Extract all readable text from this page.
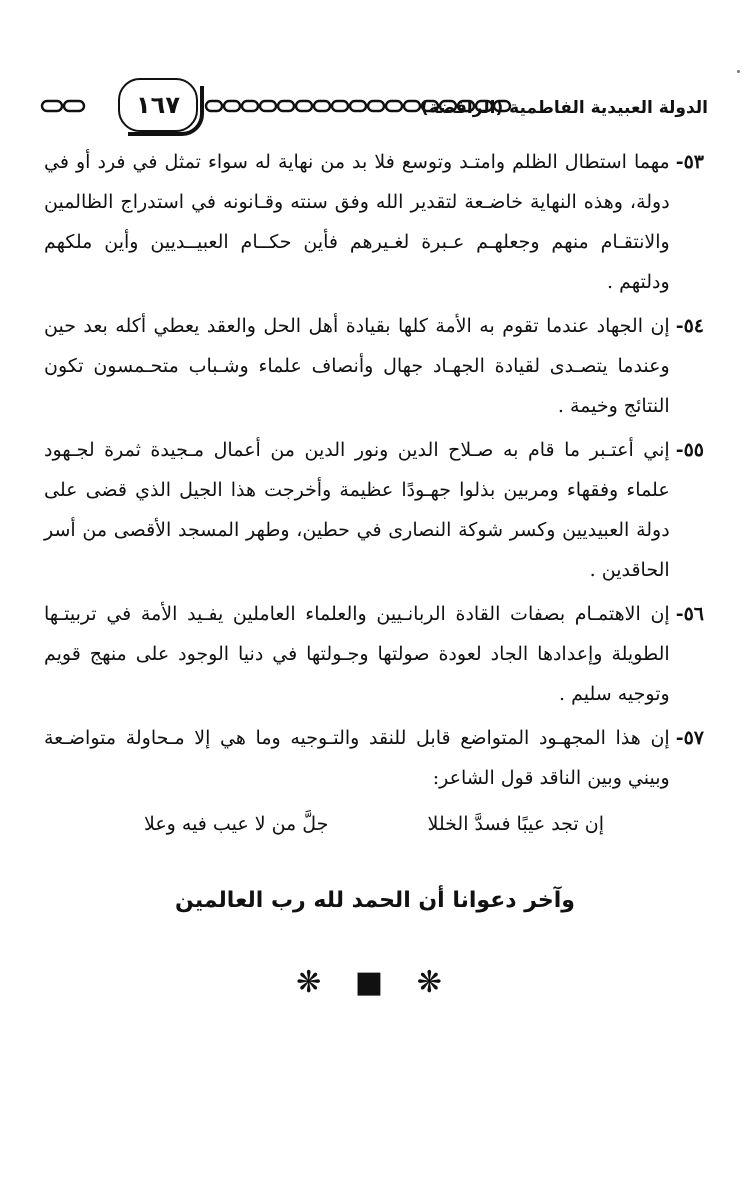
الدولة العبيدية الفاطمية (الرافضة)
١٦٧
٥٣-
مهما استطال الظلم وامتـد وتوسع فلا بد من نهاية له سواء تمثل في فرد أو في دولة، وهذه النهاية خاضـعة لتقدير الله وفق سنته وقـانونه في استدراج الظالمين والانتقـام منهم وجعلهـم عـبرة لغـيرهم فأين حكــام العبيــديين وأين ملكهم ودلتهم .
٥٤-
إن الجهاد عندما تقوم به الأمة كلها بقيادة أهل الحل والعقد يعطي أكله بعد حين وعندما يتصـدى لقيادة الجهـاد جهال وأنصاف علماء وشـباب متحـمسون تكون النتائج وخيمة .
٥٥-
إني أعتـبر ما قام به صـلاح الدين ونور الدين من أعمال مـجيدة ثمرة لجـهود علماء وفقهاء ومربين بذلوا جهـودًا عظيمة وأخرجت هذا الجيل الذي قضى على دولة العبيديين وكسر شوكة النصارى في حطين، وطهر المسجد الأقصى من أسر الحاقدين .
٥٦-
إن الاهتمـام بصفات القادة الربانـيين والعلماء العاملين يفـيد الأمة في تربيتـها الطويلة وإعدادها الجاد لعودة صولتها وجـولتها في دنيا الوجود على منهج قويم وتوجيه سليم .
٥٧-
إن هذا المجهـود المتواضع قابل للنقد والتـوجيه وما هي إلا مـحاولة متواضـعة وبيني وبين الناقد قول الشاعر:
إن تجد عيبًا فسدَّ الخللا
جلَّ من لا عيب فيه وعلا
وآخر دعوانا أن الحمد لله رب العالمين
❋ ■ ❋
